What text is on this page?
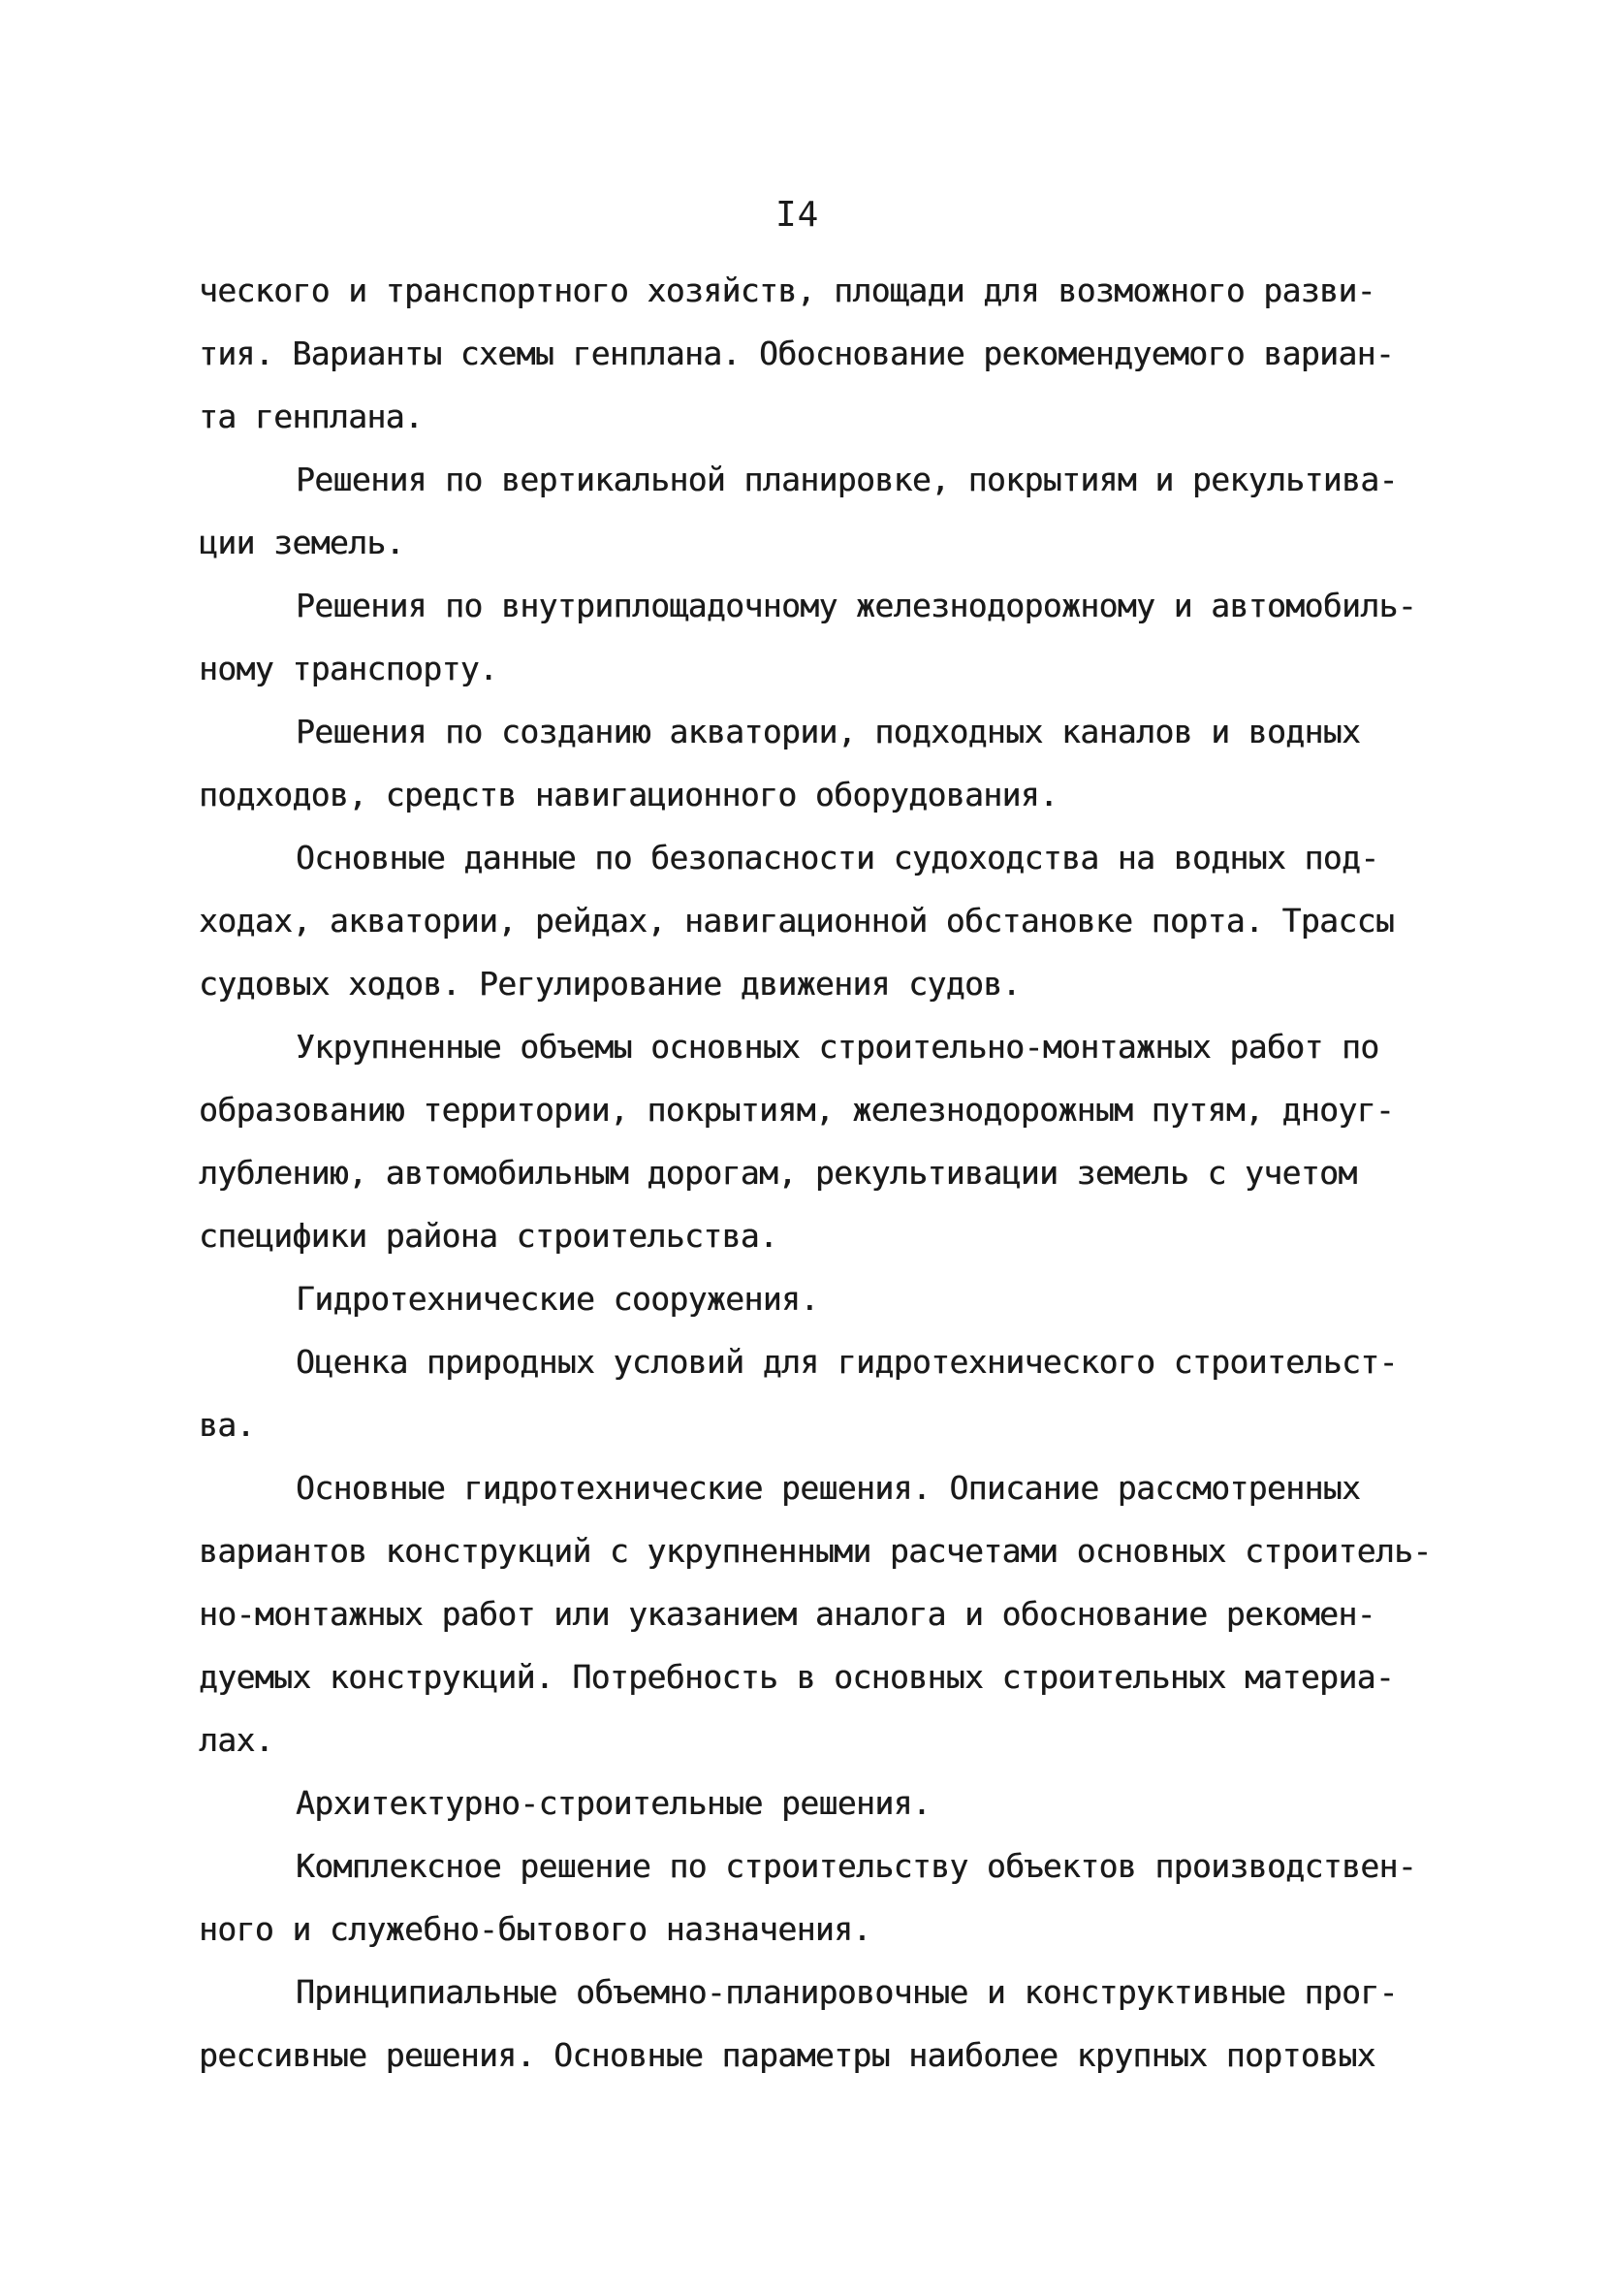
I4
ческого и транспортного хозяйств, площади для возможного разви-
тия. Варианты схемы генплана. Обоснование рекомендуемого вариан-
та генплана.
Решения по вертикальной планировке, покрытиям и рекультива-
ции земель.
Решения по внутриплощадочному железнодорожному и автомобиль-
ному транспорту.
Решения по созданию акватории, подходных каналов и водных
подходов, средств навигационного оборудования.
Основные данные по безопасности судоходства на водных под-
ходах, акватории, рейдах, навигационной обстановке порта. Трассы
судовых ходов. Регулирование движения судов.
Укрупненные объемы основных строительно-монтажных работ по
образованию территории, покрытиям, железнодорожным путям, дноуг-
лублению, автомобильным дорогам, рекультивации земель с учетом
специфики района строительства.
Гидротехнические сооружения.
Оценка природных условий для гидротехнического строительст-
ва.
Основные гидротехнические решения. Описание рассмотренных
вариантов конструкций с укрупненными расчетами основных строитель-
но-монтажных работ или указанием аналога и обоснование рекомен-
дуемых конструкций. Потребность в основных строительных материа-
лах.
Архитектурно-строительные решения.
Комплексное решение по строительству объектов производствен-
ного и служебно-бытового назначения.
Принципиальные объемно-планировочные и конструктивные прог-
рессивные решения. Основные параметры наиболее крупных портовых
